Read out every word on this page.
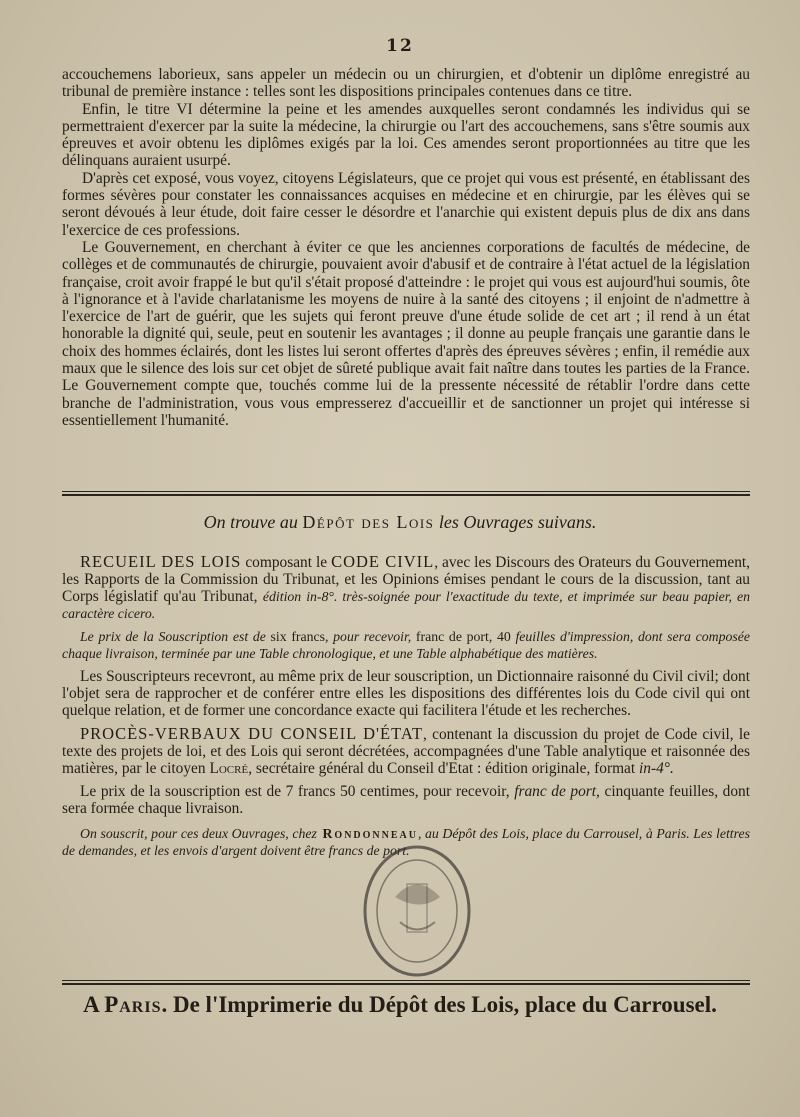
12

accouchemens laborieux, sans appeler un médecin ou un chirurgien, et d'obtenir un diplôme enregistré au tribunal de première instance : telles sont les dispositions principales contenues dans ce titre.

Enfin, le titre VI détermine la peine et les amendes auxquelles seront condamnés les individus qui se permettraient d'exercer par la suite la médecine, la chirurgie ou l'art des accouchemens, sans s'être soumis aux épreuves et avoir obtenu les diplômes exigés par la loi. Ces amendes seront proportionnées au titre que les délinquans auraient usurpé.

D'après cet exposé, vous voyez, citoyens Législateurs, que ce projet qui vous est présenté, en établissant des formes sévères pour constater les connaissances acquises en médecine et en chirurgie, par les élèves qui se seront dévoués à leur étude, doit faire cesser le désordre et l'anarchie qui existent depuis plus de dix ans dans l'exercice de ces professions.

Le Gouvernement, en cherchant à éviter ce que les anciennes corporations de facultés de médecine, de collèges et de communautés de chirurgie, pouvaient avoir d'abusif et de contraire à l'état actuel de la législation française, croit avoir frappé le but qu'il s'était proposé d'atteindre : le projet qui vous est aujourd'hui soumis, ôte à l'ignorance et à l'avide charlatanisme les moyens de nuire à la santé des citoyens ; il enjoint de n'admettre à l'exercice de l'art de guérir, que les sujets qui feront preuve d'une étude solide de cet art ; il rend à un état honorable la dignité qui, seule, peut en soutenir les avantages ; il donne au peuple français une garantie dans le choix des hommes éclairés, dont les listes lui seront offertes d'après des épreuves sévères ; enfin, il remédie aux maux que le silence des lois sur cet objet de sûreté publique avait fait naître dans toutes les parties de la France. Le Gouvernement compte que, touchés comme lui de la pressente nécessité de rétablir l'ordre dans cette branche de l'administration, vous vous empresserez d'accueillir et de sanctionner un projet qui intéresse si essentiellement l'humanité.

On trouve au Dépôt des Lois les Ouvrages suivans.

RECUEIL DES LOIS composant le CODE CIVIL, avec les Discours des Orateurs du Gouvernement, les Rapports de la Commission du Tribunat, et les Opinions émises pendant le cours de la discussion, tant au Corps législatif qu'au Tribunat, édition in-8°. très-soignée pour l'exactitude du texte, et imprimée sur beau papier, en caractère cicero.

Le prix de la Souscription est de six francs, pour recevoir, franc de port, 40 feuilles d'impression, dont sera composée chaque livraison, terminée par une Table chronologique, et une Table alphabétique des matières.

Les Souscripteurs recevront, au même prix de leur souscription, un Dictionnaire raisonné du Civil civil; dont l'objet sera de rapprocher et de conférer entre elles les dispositions des différentes lois du Code civil qui ont quelque relation, et de former une concordance exacte qui facilitera l'étude et les recherches.

PROCÈS-VERBAUX DU CONSEIL D'ÉTAT, contenant la discussion du projet de Code civil, le texte des projets de loi, et des Lois qui seront décrétées, accompagnées d'une Table analytique et raisonnée des matières, par le citoyen Locré, secrétaire général du Conseil d'Etat : édition originale, format in-4°.

Le prix de la souscription est de 7 francs 50 centimes, pour recevoir, franc de port, cinquante feuilles, dont sera formée chaque livraison.

On souscrit, pour ces deux Ouvrages, chez Rondonneau, au Dépôt des Lois, place du Carrousel, à Paris. Les lettres de demandes, et les envois d'argent doivent être francs de port.

A Paris. De l'Imprimerie du Dépôt des Lois, place du Carrousel.
